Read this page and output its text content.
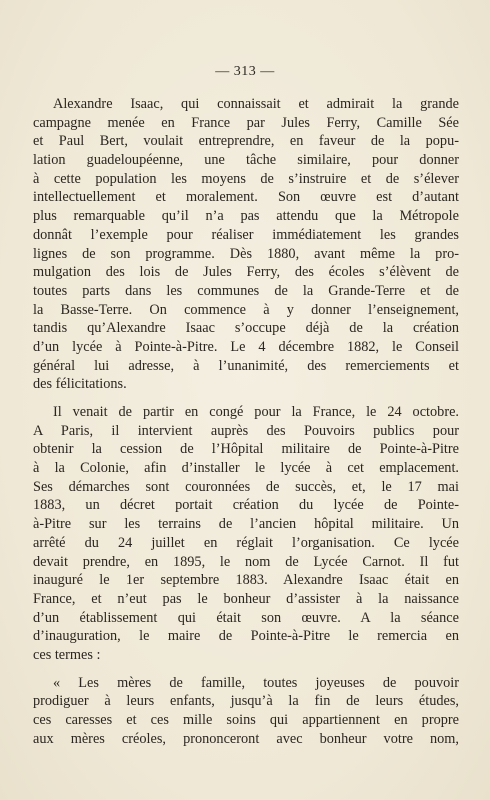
— 313 —
Alexandre Isaac, qui connaissait et admirait la grande
campagne menée en France par Jules Ferry, Camille Sée
et Paul Bert, voulait entreprendre, en faveur de la popu-
lation guadeloupéenne, une tâche similaire, pour donner
à cette population les moyens de s’instruire et de s’élever
intellectuellement et moralement. Son œuvre est d’autant
plus remarquable qu’il n’a pas attendu que la Métropole
donnât l’exemple pour réaliser immédiatement les grandes
lignes de son programme. Dès 1880, avant même la pro-
mulgation des lois de Jules Ferry, des écoles s’élèvent de
toutes parts dans les communes de la Grande-Terre et de
la Basse-Terre. On commence à y donner l’enseignement,
tandis qu’Alexandre Isaac s’occupe déjà de la création
d’un lycée à Pointe-à-Pitre. Le 4 décembre 1882, le Conseil
général lui adresse, à l’unanimité, des remerciements et
des félicitations.
Il venait de partir en congé pour la France, le 24 octobre.
A Paris, il intervient auprès des Pouvoirs publics pour
obtenir la cession de l’Hôpital militaire de Pointe-à-Pitre
à la Colonie, afin d’installer le lycée à cet emplacement.
Ses démarches sont couronnées de succès, et, le 17 mai
1883, un décret portait création du lycée de Pointe-
à-Pitre sur les terrains de l’ancien hôpital militaire. Un
arrêté du 24 juillet en réglait l’organisation. Ce lycée
devait prendre, en 1895, le nom de Lycée Carnot. Il fut
inauguré le 1er septembre 1883. Alexandre Isaac était en
France, et n’eut pas le bonheur d’assister à la naissance
d’un établissement qui était son œuvre. A la séance
d’inauguration, le maire de Pointe-à-Pitre le remercia en
ces termes :
« Les mères de famille, toutes joyeuses de pouvoir
prodiguer à leurs enfants, jusqu’à la fin de leurs études,
ces caresses et ces mille soins qui appartiennent en propre
aux mères créoles, prononceront avec bonheur votre nom,
